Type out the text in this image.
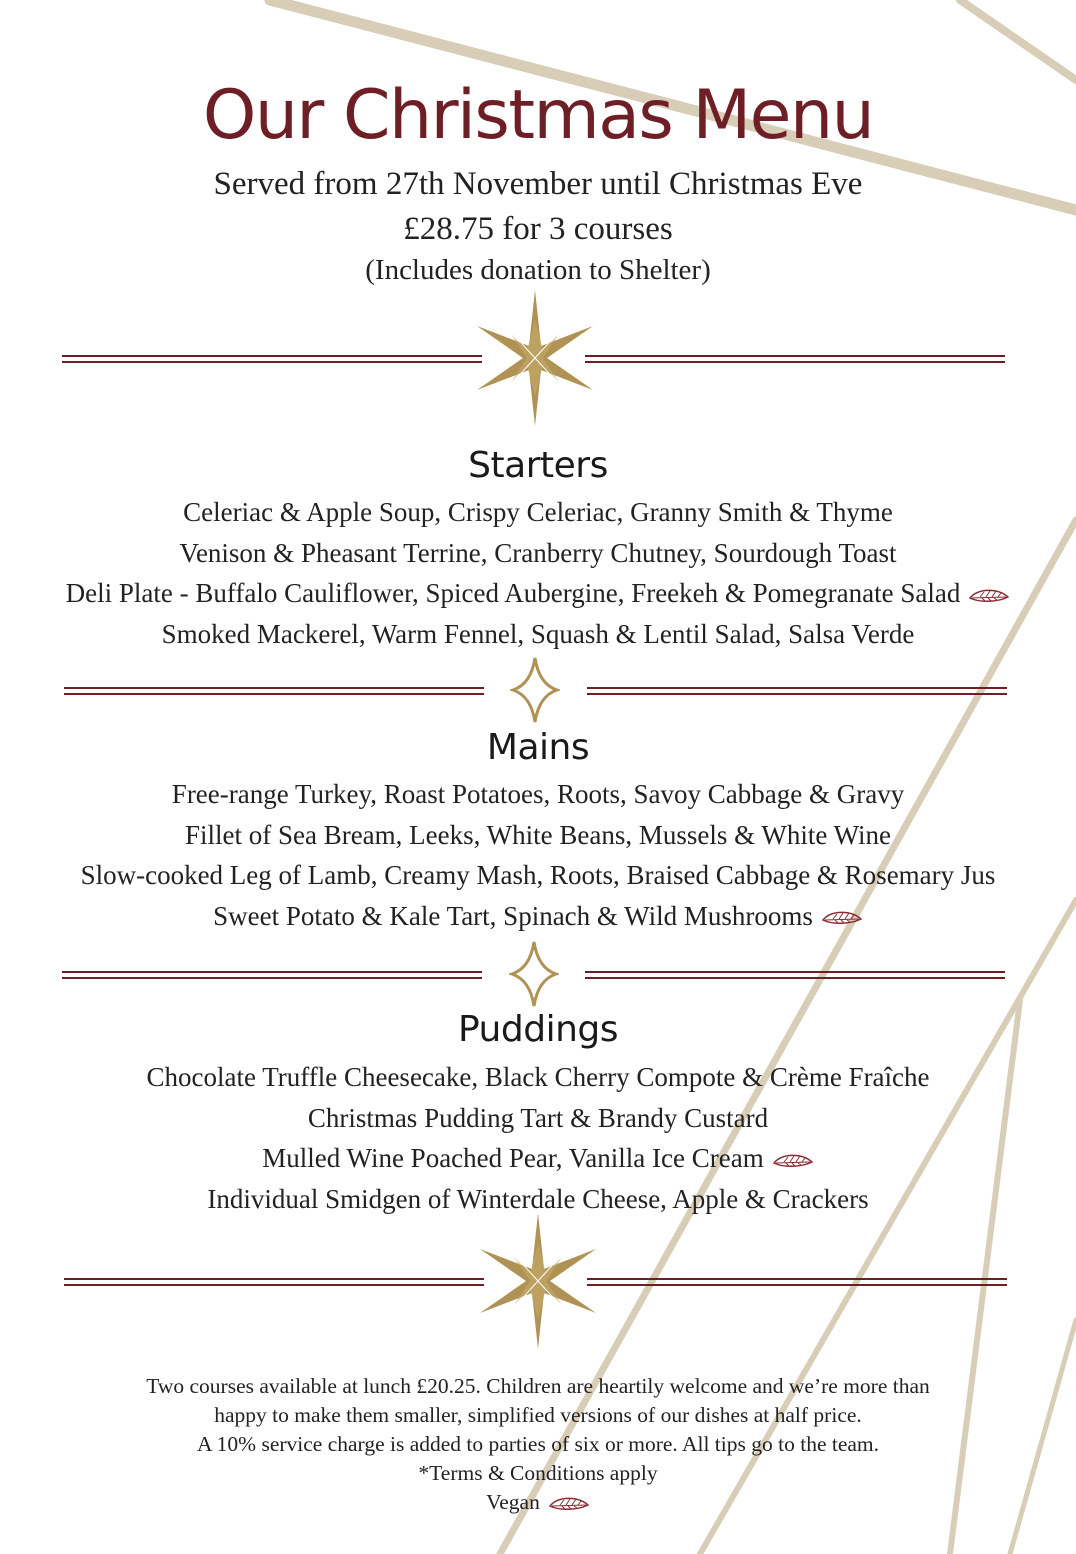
Our Christmas Menu

Served from 27th November until Christmas Eve

£28.75 for 3 courses

(Includes donation to Shelter)

Starters
Celeriac & Apple Soup, Crispy Celeriac, Granny Smith & Thyme
Venison & Pheasant Terrine, Cranberry Chutney, Sourdough Toast
Deli Plate - Buffalo Cauliflower, Spiced Aubergine, Freekeh & Pomegranate Salad
Smoked Mackerel, Warm Fennel, Squash & Lentil Salad, Salsa Verde
Mains
Free-range Turkey, Roast Potatoes, Roots, Savoy Cabbage & Gravy
Fillet of Sea Bream, Leeks, White Beans, Mussels & White Wine
Slow-cooked Leg of Lamb, Creamy Mash, Roots, Braised Cabbage & Rosemary Jus
Sweet Potato & Kale Tart, Spinach & Wild Mushrooms
Puddings
Chocolate Truffle Cheesecake, Black Cherry Compote & Crème Fraîche
Christmas Pudding Tart & Brandy Custard
Mulled Wine Poached Pear, Vanilla Ice Cream
Individual Smidgen of Winterdale Cheese, Apple & Crackers
Two courses available at lunch £20.25. Children are heartily welcome and we’re more than
happy to make them smaller, simplified versions of our dishes at half price.
A 10% service charge is added to parties of six or more. All tips go to the team.
*Terms & Conditions apply
Vegan
